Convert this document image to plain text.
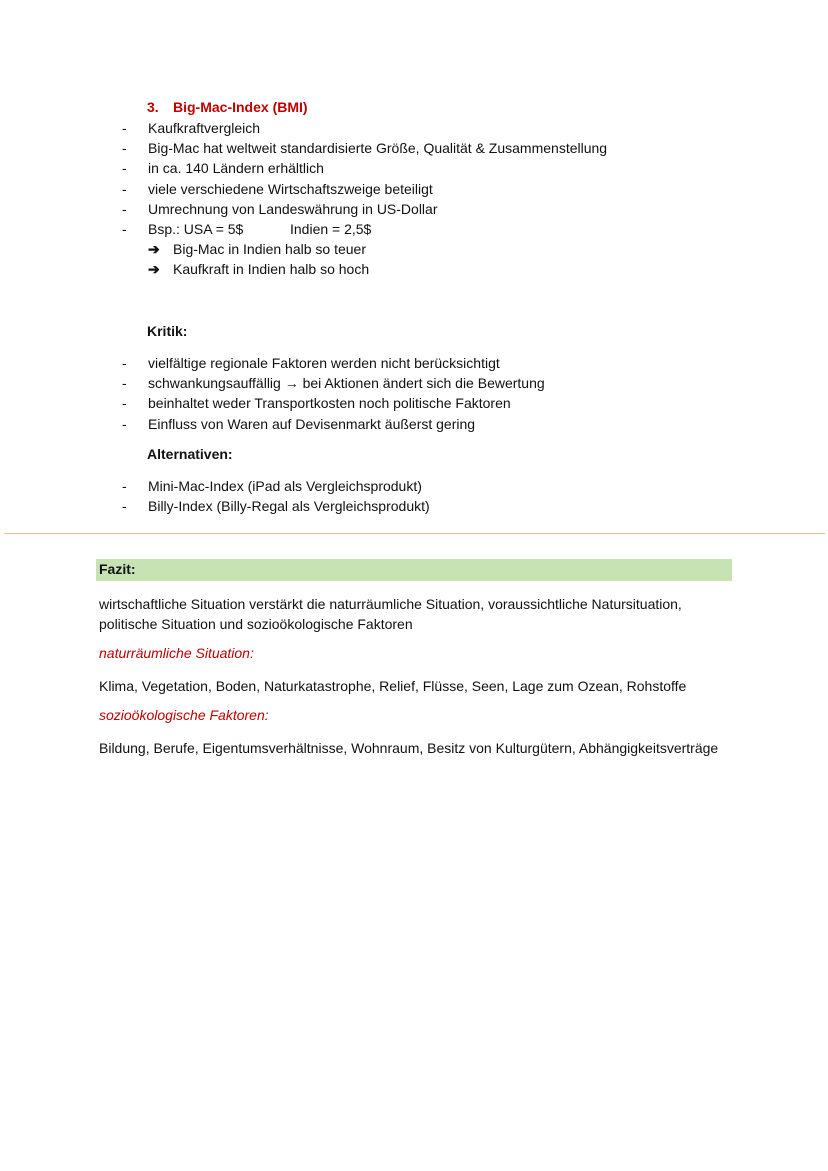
3. Big-Mac-Index (BMI)
- Kaufkraftvergleich
- Big-Mac hat weltweit standardisierte Größe, Qualität & Zusammenstellung
- in ca. 140 Ländern erhältlich
- viele verschiedene Wirtschaftszweige beteiligt
- Umrechnung von Landeswährung in US-Dollar
- Bsp.: USA = 5$	Indien = 2,5$
➔ Big-Mac in Indien halb so teuer
➔ Kaufkraft in Indien halb so hoch
Kritik:
- vielfältige regionale Faktoren werden nicht berücksichtigt
- schwankungsauffällig → bei Aktionen ändert sich die Bewertung
- beinhaltet weder Transportkosten noch politische Faktoren
- Einfluss von Waren auf Devisenmarkt äußerst gering
Alternativen:
- Mini-Mac-Index (iPad als Vergleichsprodukt)
- Billy-Index (Billy-Regal als Vergleichsprodukt)
Fazit:
wirtschaftliche Situation verstärkt die naturräumliche Situation, voraussichtliche Natursituation, politische Situation und sozioökologische Faktoren
naturräumliche Situation:
Klima, Vegetation, Boden, Naturkatastrophe, Relief, Flüsse, Seen, Lage zum Ozean, Rohstoffe
sozioökologische Faktoren:
Bildung, Berufe, Eigentumsverhältnisse, Wohnraum, Besitz von Kulturgütern, Abhängigkeitsverträge
